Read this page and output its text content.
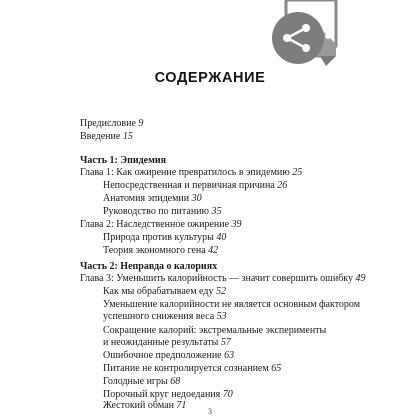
СОДЕРЖАНИЕ
Предисловие 9
Введение 15
Часть 1: Эпидемия
Глава 1: Как ожирение превратилось в эпидемию 25
Непосредственная и первичная причина 26
Анатомия эпидемии 30
Руководство по питанию 35
Глава 2: Наследственное ожирение 39
Природа против культуры 40
Теория экономного гена 42
Часть 2: Неправда о калориях
Глава 3: Уменьшить калорийность — значит совершить ошибку 49
Как мы обрабатываем еду 52
Уменьшение калорийности не является основным фактором
успешного снижения веса 53
Сокращение калорий: экстремальные эксперименты
и неожиданные результаты 57
Ошибочное предположение 63
Питание не контролируется сознанием 65
Голодные игры 68
Порочный круг недоедания 70
Жестокий обман 71
3
